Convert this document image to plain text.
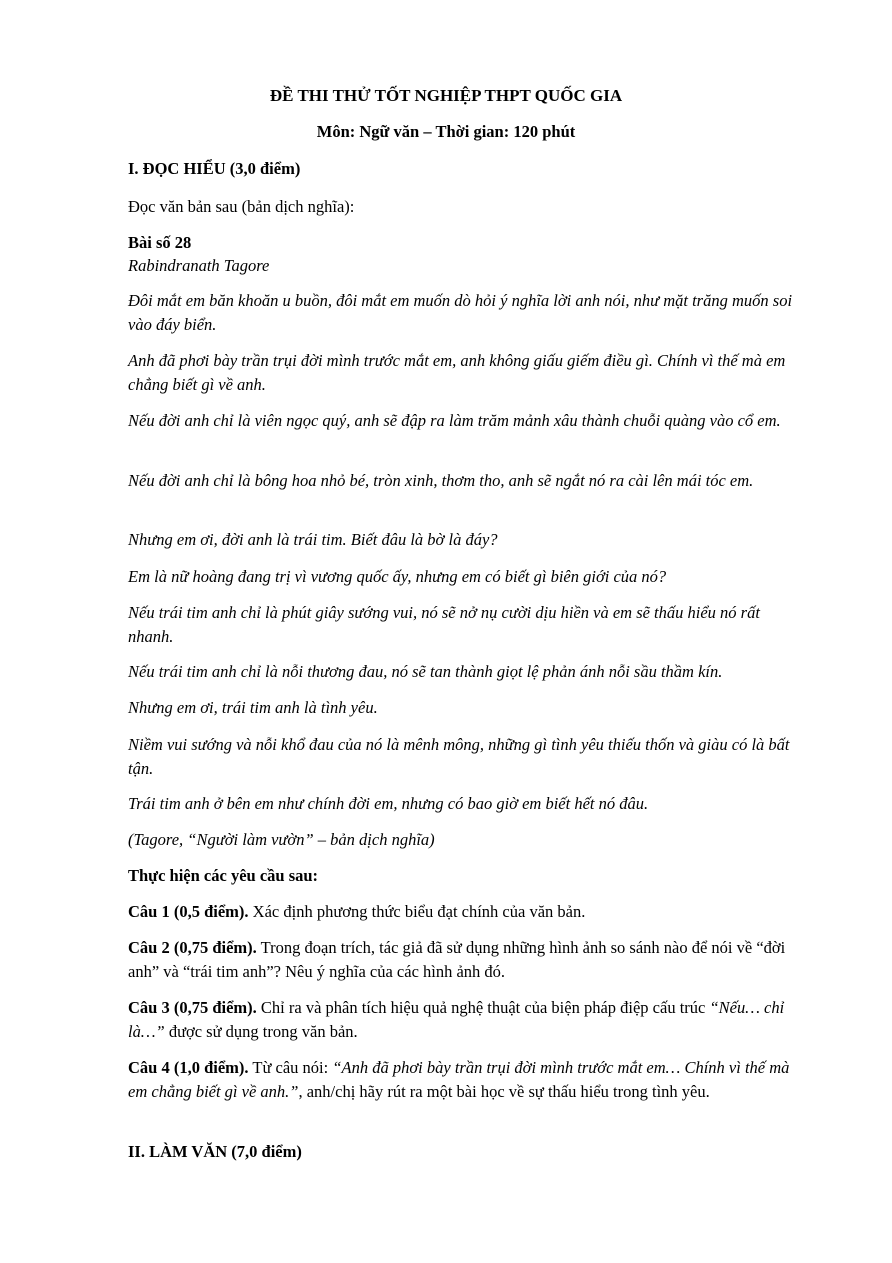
ĐỀ THI THỬ TỐT NGHIỆP THPT QUỐC GIA
Môn: Ngữ văn – Thời gian: 120 phút
I. ĐỌC HIỂU (3,0 điểm)
Đọc văn bản sau (bản dịch nghĩa):
Bài số 28
Rabindranath Tagore
Đôi mắt em băn khoăn u buồn, đôi mắt em muốn dò hỏi ý nghĩa lời anh nói, như mặt trăng muốn soi vào đáy biển.
Anh đã phơi bày trần trụi đời mình trước mắt em, anh không giấu giếm điều gì. Chính vì thế mà em chẳng biết gì về anh.
Nếu đời anh chỉ là viên ngọc quý, anh sẽ đập ra làm trăm mảnh xâu thành chuỗi quàng vào cổ em.
Nếu đời anh chỉ là bông hoa nhỏ bé, tròn xinh, thơm tho, anh sẽ ngắt nó ra cài lên mái tóc em.
Nhưng em ơi, đời anh là trái tim. Biết đâu là bờ là đáy?
Em là nữ hoàng đang trị vì vương quốc ấy, nhưng em có biết gì biên giới của nó?
Nếu trái tim anh chỉ là phút giây sướng vui, nó sẽ nở nụ cười dịu hiền và em sẽ thấu hiểu nó rất nhanh.
Nếu trái tim anh chỉ là nỗi thương đau, nó sẽ tan thành giọt lệ phản ánh nỗi sầu thầm kín.
Nhưng em ơi, trái tim anh là tình yêu.
Niềm vui sướng và nỗi khổ đau của nó là mênh mông, những gì tình yêu thiếu thốn và giàu có là bất tận.
Trái tim anh ở bên em như chính đời em, nhưng có bao giờ em biết hết nó đâu.
(Tagore, “Người làm vườn” – bản dịch nghĩa)
Thực hiện các yêu cầu sau:
Câu 1 (0,5 điểm). Xác định phương thức biểu đạt chính của văn bản.
Câu 2 (0,75 điểm). Trong đoạn trích, tác giả đã sử dụng những hình ảnh so sánh nào để nói về “đời anh” và “trái tim anh”? Nêu ý nghĩa của các hình ảnh đó.
Câu 3 (0,75 điểm). Chỉ ra và phân tích hiệu quả nghệ thuật của biện pháp điệp cấu trúc “Nếu… chỉ là…” được sử dụng trong văn bản.
Câu 4 (1,0 điểm). Từ câu nói: “Anh đã phơi bày trần trụi đời mình trước mắt em… Chính vì thế mà em chẳng biết gì về anh.”, anh/chị hãy rút ra một bài học về sự thấu hiểu trong tình yêu.
II. LÀM VĂN (7,0 điểm)
